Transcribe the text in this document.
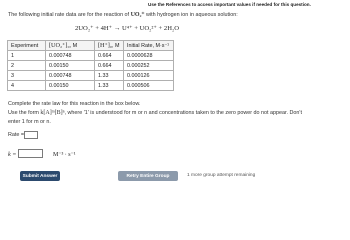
Use the References to access important values if needed for this question.
The following initial rate data are for the reaction of UO₂⁺ with hydrogen ion in aqueous solution:
2UO₂⁺ + 4H⁺ → U⁴⁺ + UO₂²⁺ + 2H₂O
Experiment	[UO₂⁺]₀, M	[H⁺]₀, M	Initial Rate, M·s⁻¹
1	0.000748	0.664	0.0000628
2	0.00150	0.664	0.000252
3	0.000748	1.33	0.000126
4	0.00150	1.33	0.000506
Complete the rate law for this reaction in the box below.
Use the form k[A]ᵐ[B]ⁿ, where '1' is understood for m or n and concentrations taken to the zero power do not appear. Don't
enter 1 for m or n.
Rate =
k =	M⁻³ · s⁻¹
Submit Answer	Retry Entire Group	1 more group attempt remaining
